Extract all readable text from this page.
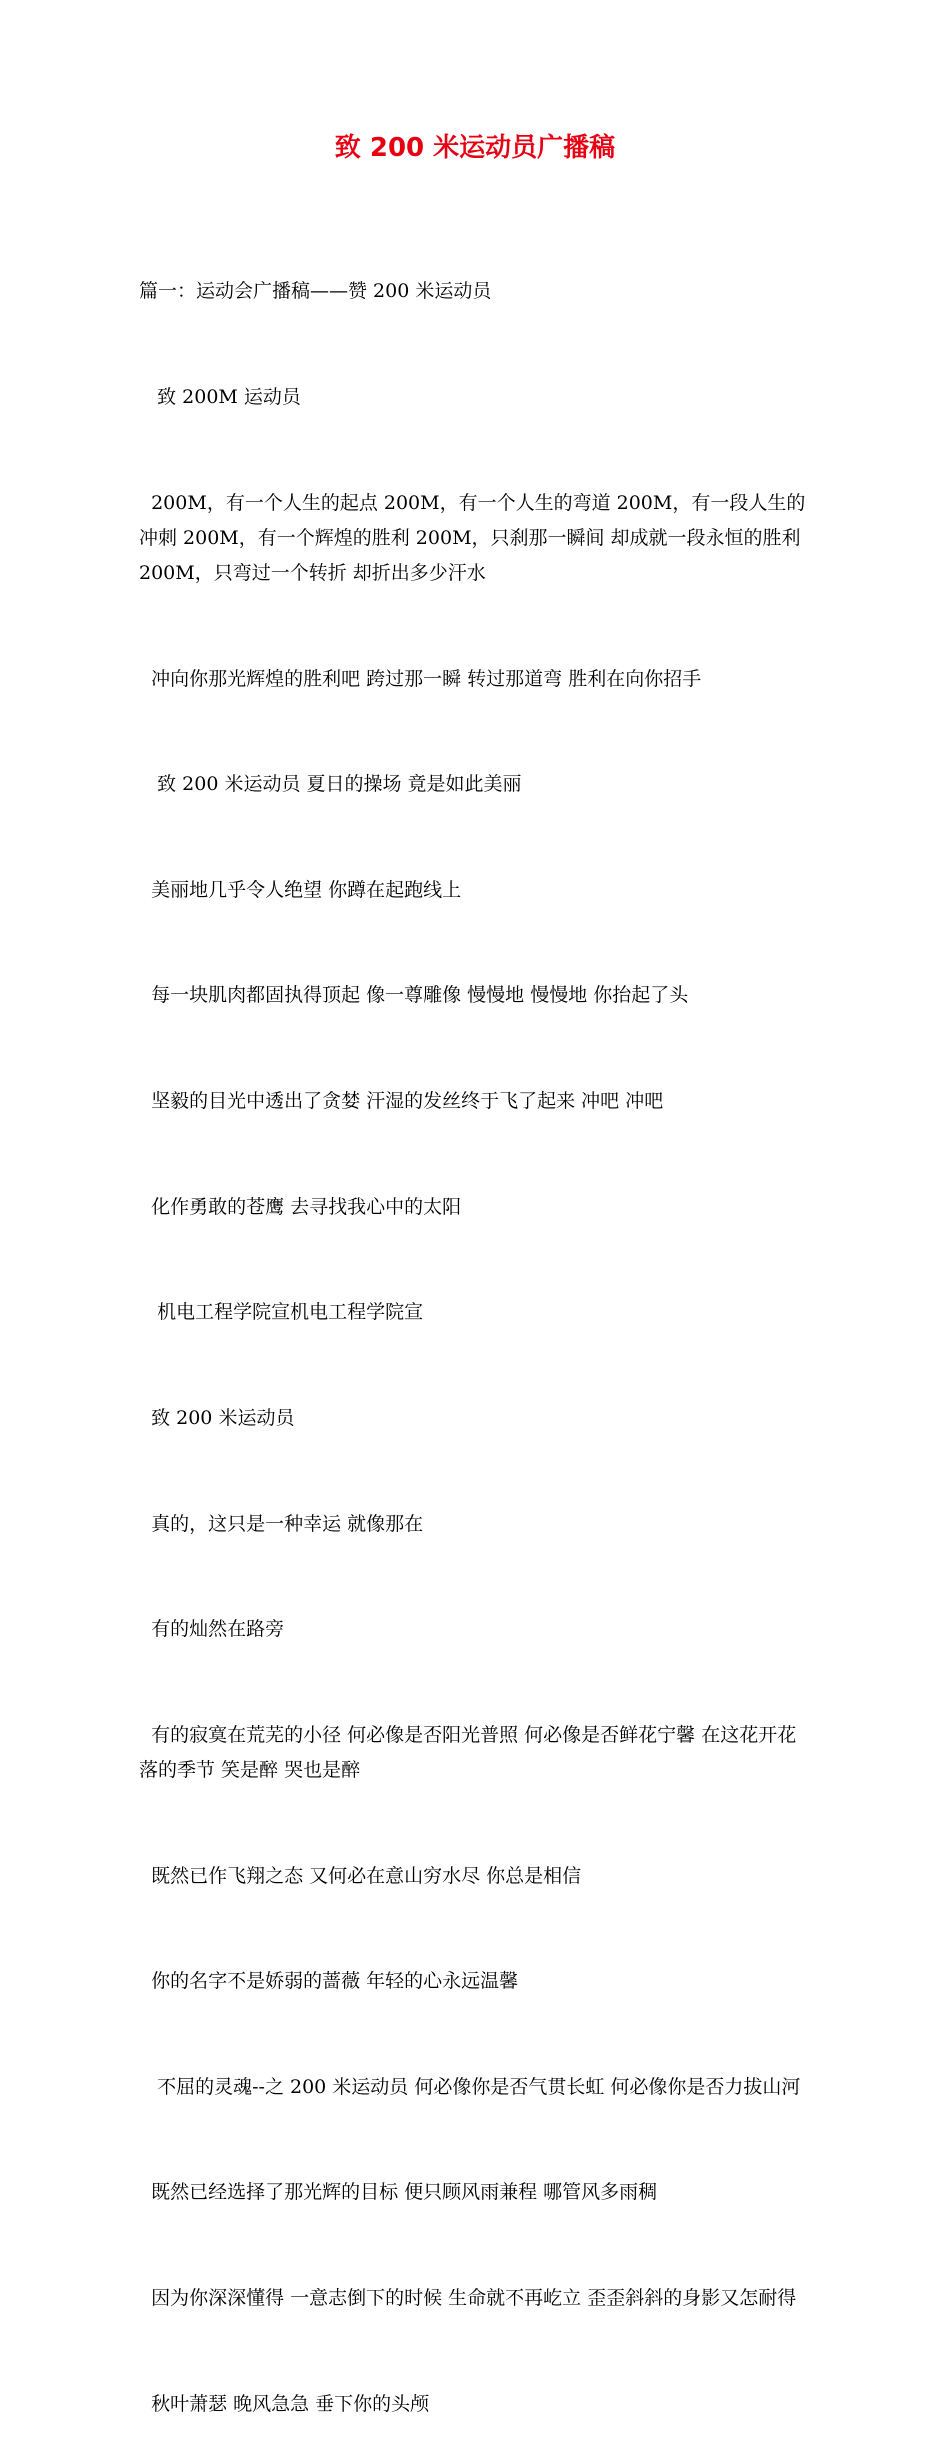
致 200 米运动员广播稿

篇一：运动会广播稿——赞 200 米运动员

致 200M 运动员

200M，有一个人生的起点 200M，有一个人生的弯道 200M，有一段人生的冲刺 200M，有一个辉煌的胜利 200M，只刹那一瞬间 却成就一段永恒的胜利 200M，只弯过一个转折 却折出多少汗水

冲向你那光辉煌的胜利吧 跨过那一瞬 转过那道弯 胜利在向你招手

致 200 米运动员 夏日的操场 竟是如此美丽

美丽地几乎令人绝望 你蹲在起跑线上

每一块肌肉都固执得顶起 像一尊雕像 慢慢地 慢慢地 你抬起了头

坚毅的目光中透出了贪婪 汗湿的发丝终于飞了起来 冲吧 冲吧

化作勇敢的苍鹰 去寻找我心中的太阳

机电工程学院宣机电工程学院宣

致 200 米运动员

真的，这只是一种幸运 就像那在

有的灿然在路旁

有的寂寞在荒芜的小径 何必像是否阳光普照 何必像是否鲜花宁馨 在这花开花落的季节 笑是醉 哭也是醉

既然已作飞翔之态 又何必在意山穷水尽 你总是相信

你的名字不是娇弱的蔷薇 年轻的心永远温馨

不屈的灵魂--之 200 米运动员 何必像你是否气贯长虹 何必像你是否力拔山河

既然已经选择了那光辉的目标 便只顾风雨兼程 哪管风多雨稠

因为你深深懂得 一意志倒下的时候 生命就不再屹立 歪歪斜斜的身影又怎耐得

秋叶萧瑟 晚风急急 垂下你的头颅
